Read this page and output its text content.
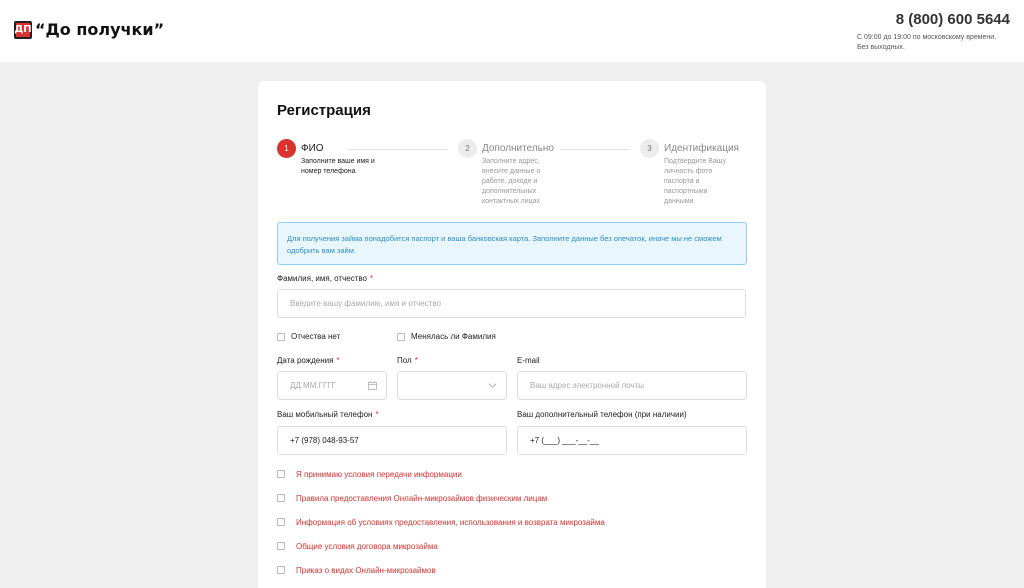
ДП “До получки”
8 (800) 600 5644
С 09:00 до 19:00 по московскому времени.
Без выходных.
Регистрация
1	ФИО
Заполните ваше имя и
номер телефона
2	Дополнительно
Заполните адрес,
внесите данные о
работе, доходе и
дополнительных
контактных лицах
3	Идентификация
Подтвердите Вашу
личность фото
паспорта и
паспортными
данными
Для получения займа понадобится паспорт и ваша банковская карта. Заполните данные без опечаток, иначе мы не сможем одобрить вам займ.
Фамилия, имя, отчество *
Введите вашу фамилию, имя и отчество
Отчества нет	Менялась ли Фамилия
Дата рождения *
ДД.ММ.ГГГГ
Пол *	E-mail
Ваш адрес электронной почты
Ваш мобильный телефон *
+7 (978) 048-93-57
Ваш дополнительный телефон (при наличии)
+7 (___) ___-__-__
Я принимаю условия передачи информации
Правила предоставления Онлайн-микрозаймов физическим лицам
Информация об условиях предоставления, использования и возврата микрозайма
Общие условия договора микрозайма
Приказ о видах Онлайн-микрозаймов
